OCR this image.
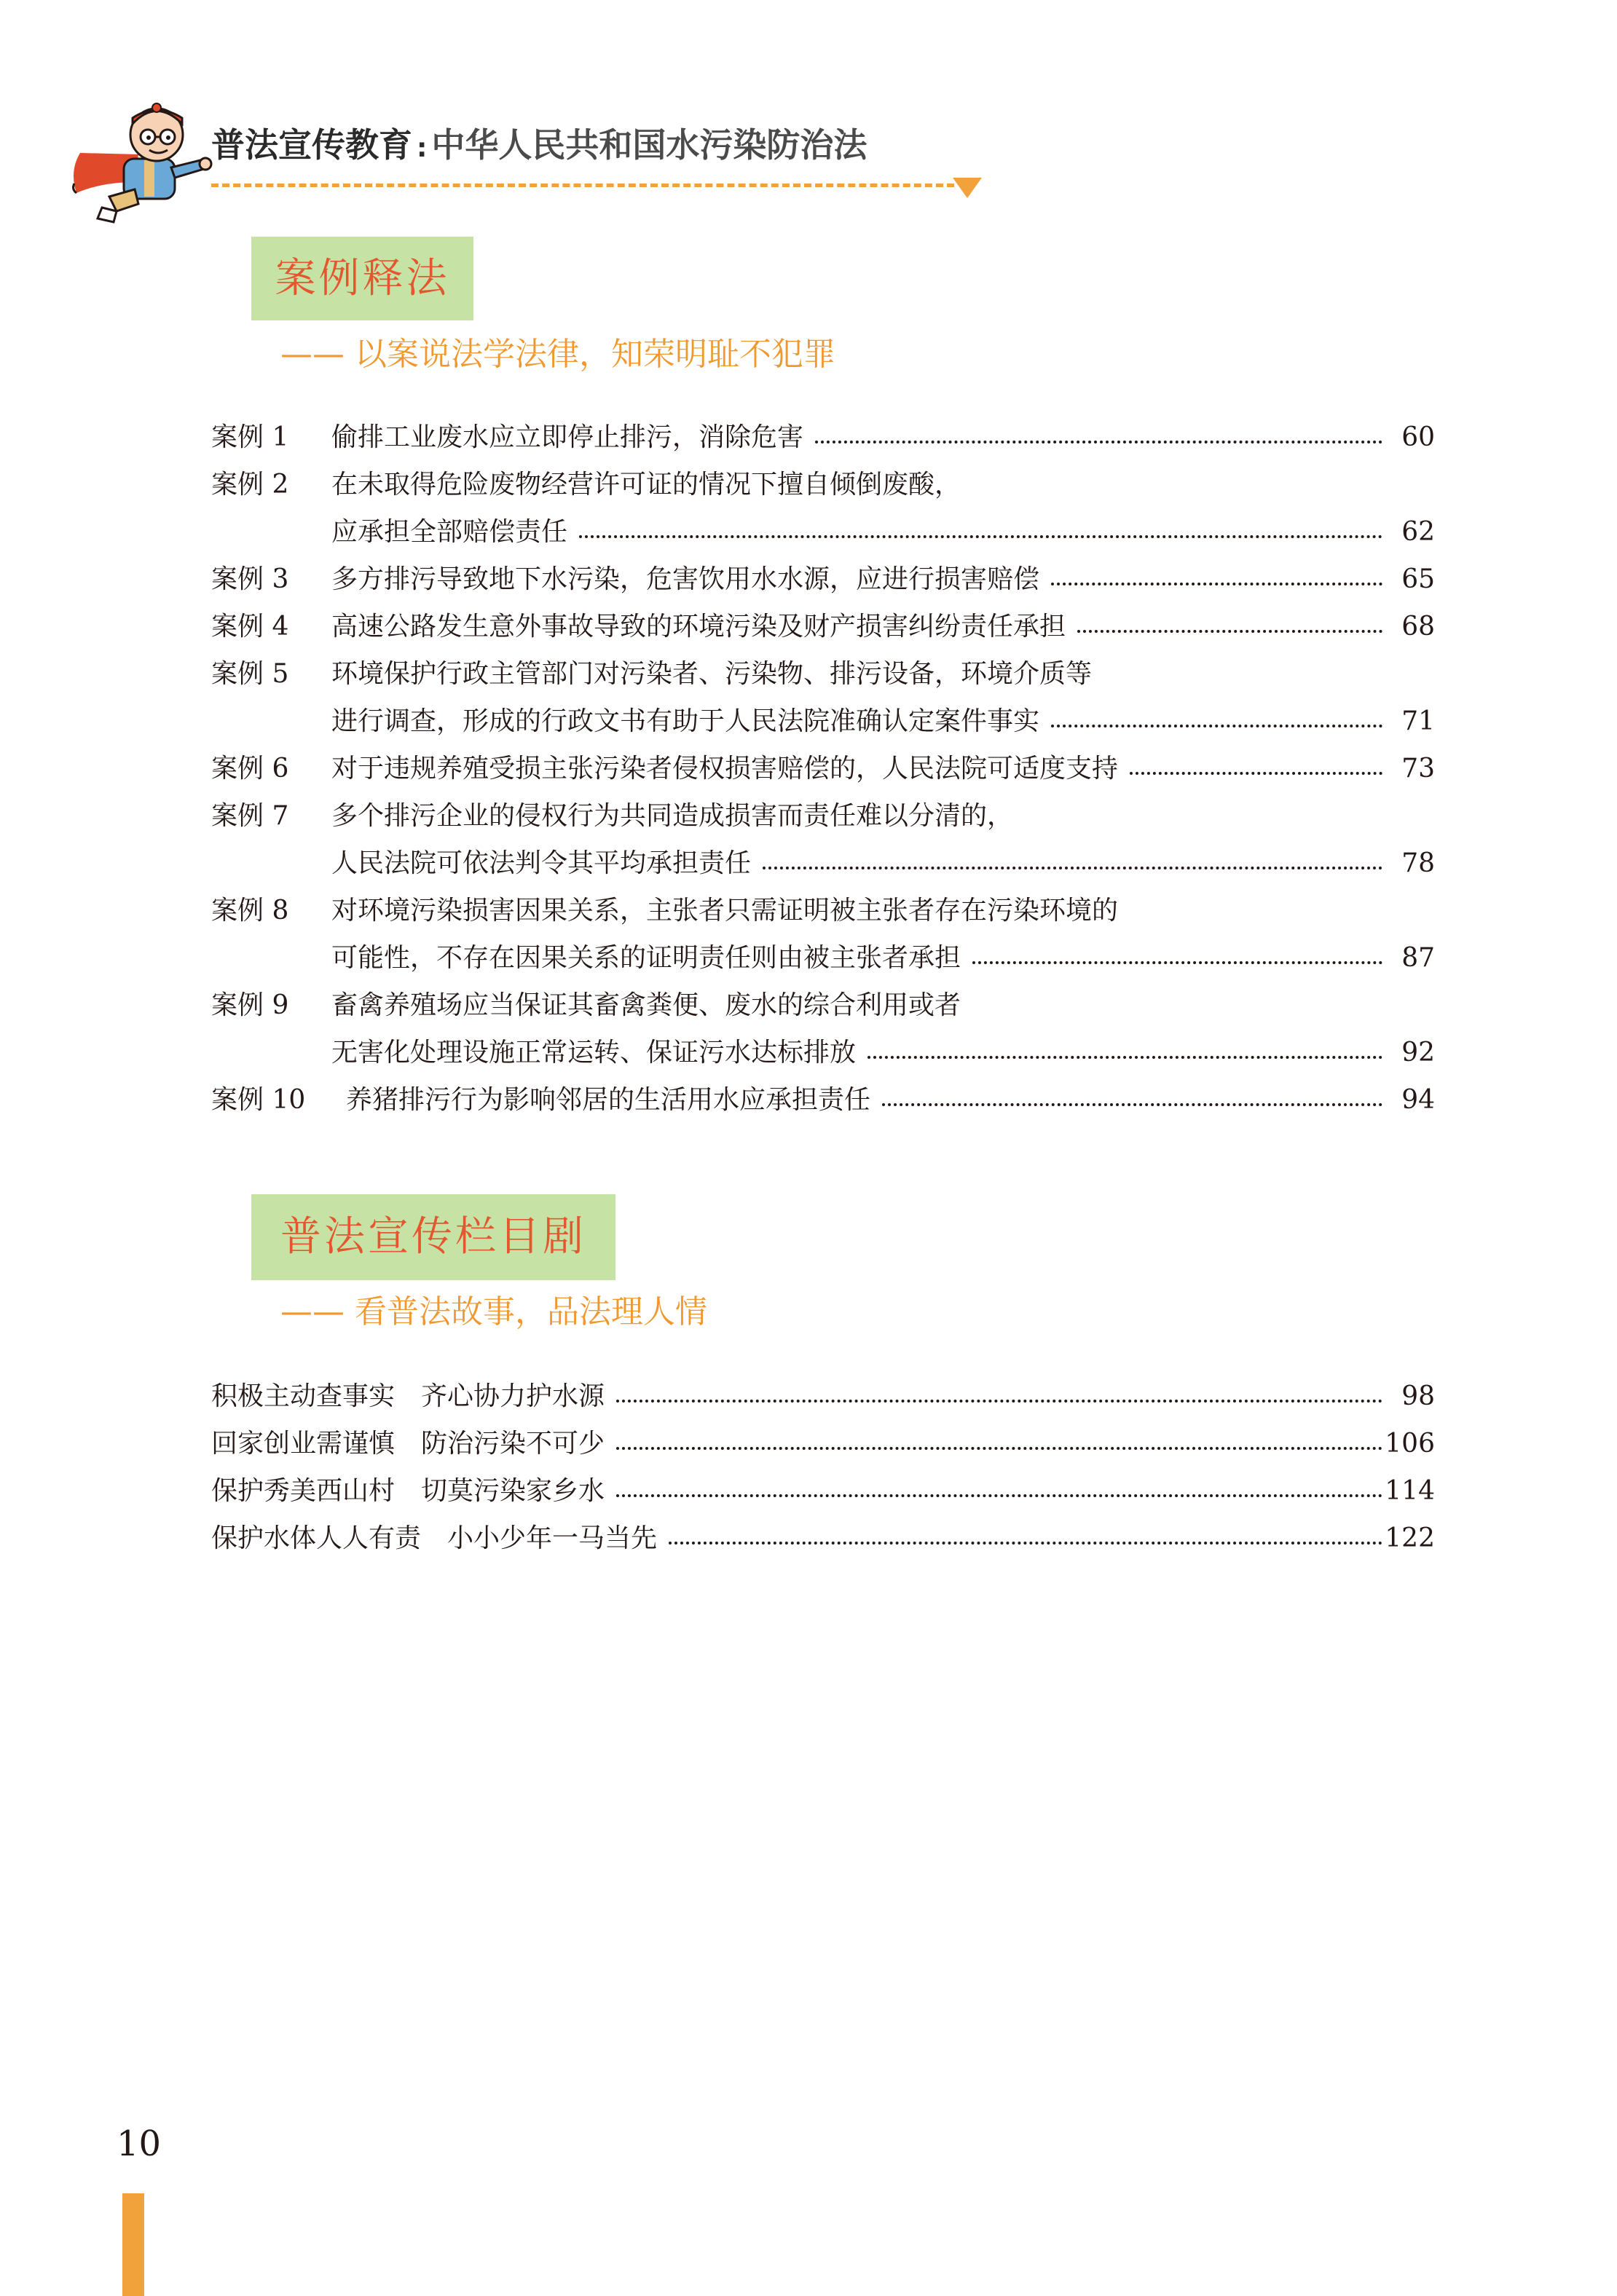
普法宣传教育 : 中华人民共和国水污染防治法
案例释法
—— 以案说法学法律，知荣明耻不犯罪
案例 1 偷排工业废水应立即停止排污，消除危害	60
案例 2 在未取得危险废物经营许可证的情况下擅自倾倒废酸，
应承担全部赔偿责任	62
案例 3 多方排污导致地下水污染，危害饮用水水源，应进行损害赔偿	65
案例 4 高速公路发生意外事故导致的环境污染及财产损害纠纷责任承担	68
案例 5 环境保护行政主管部门对污染者、污染物、排污设备，环境介质等
进行调查，形成的行政文书有助于人民法院准确认定案件事实	71
案例 6 对于违规养殖受损主张污染者侵权损害赔偿的，人民法院可适度支持	73
案例 7 多个排污企业的侵权行为共同造成损害而责任难以分清的，
人民法院可依法判令其平均承担责任	78
案例 8 对环境污染损害因果关系，主张者只需证明被主张者存在污染环境的
可能性，不存在因果关系的证明责任则由被主张者承担	87
案例 9 畜禽养殖场应当保证其畜禽粪便、废水的综合利用或者
无害化处理设施正常运转、保证污水达标排放	92
案例 10 养猪排污行为影响邻居的生活用水应承担责任	94
普法宣传栏目剧
—— 看普法故事，品法理人情
积极主动查事实　齐心协力护水源	98
回家创业需谨慎　防治污染不可少	106
保护秀美西山村　切莫污染家乡水	114
保护水体人人有责　小小少年一马当先	122
10
